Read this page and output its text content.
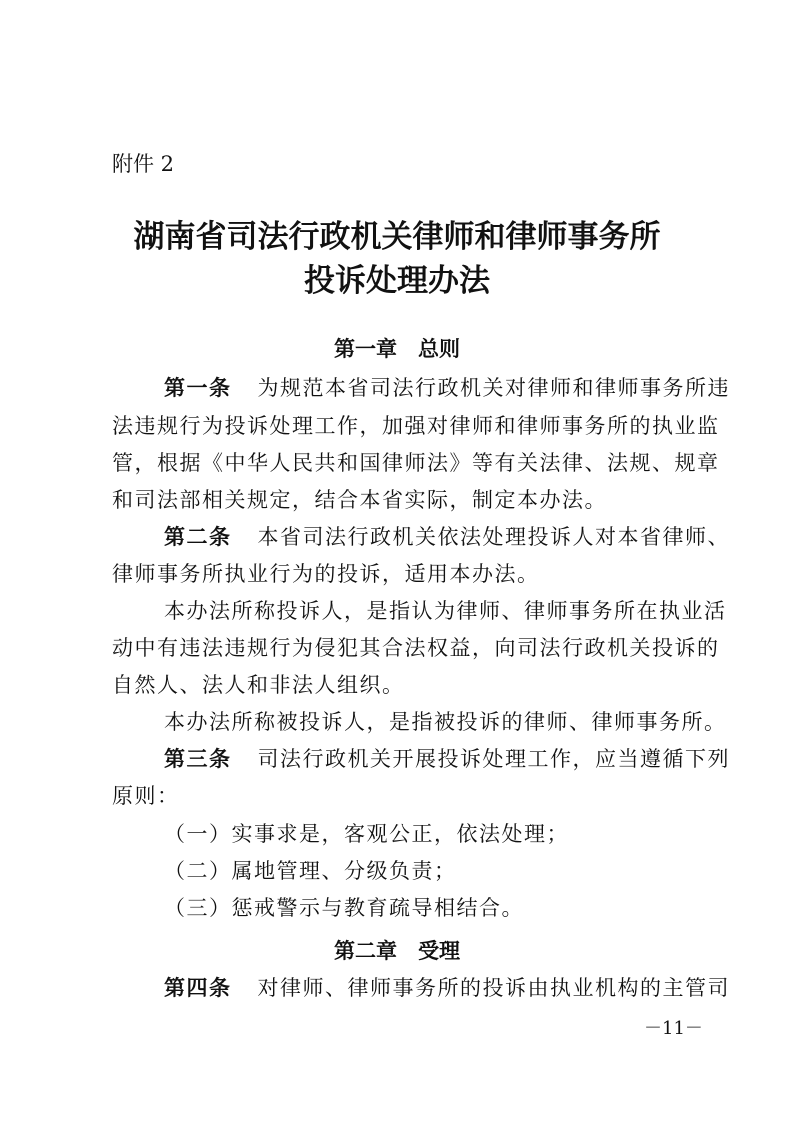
附件 2
湖南省司法行政机关律师和律师事务所
投诉处理办法
第一章　总则
第一条 为规范本省司法行政机关对律师和律师事务所违
法违规行为投诉处理工作，加强对律师和律师事务所的执业监
管，根据《中华人民共和国律师法》等有关法律、法规、规章
和司法部相关规定，结合本省实际，制定本办法。
第二条 本省司法行政机关依法处理投诉人对本省律师、
律师事务所执业行为的投诉，适用本办法。
本办法所称投诉人，是指认为律师、律师事务所在执业活
动中有违法违规行为侵犯其合法权益，向司法行政机关投诉的
自然人、法人和非法人组织。
本办法所称被投诉人，是指被投诉的律师、律师事务所。
第三条 司法行政机关开展投诉处理工作，应当遵循下列
原则：
（一）实事求是，客观公正，依法处理；
（二）属地管理、分级负责；
（三）惩戒警示与教育疏导相结合。
第二章　受理
第四条 对律师、律师事务所的投诉由执业机构的主管司
－11－
